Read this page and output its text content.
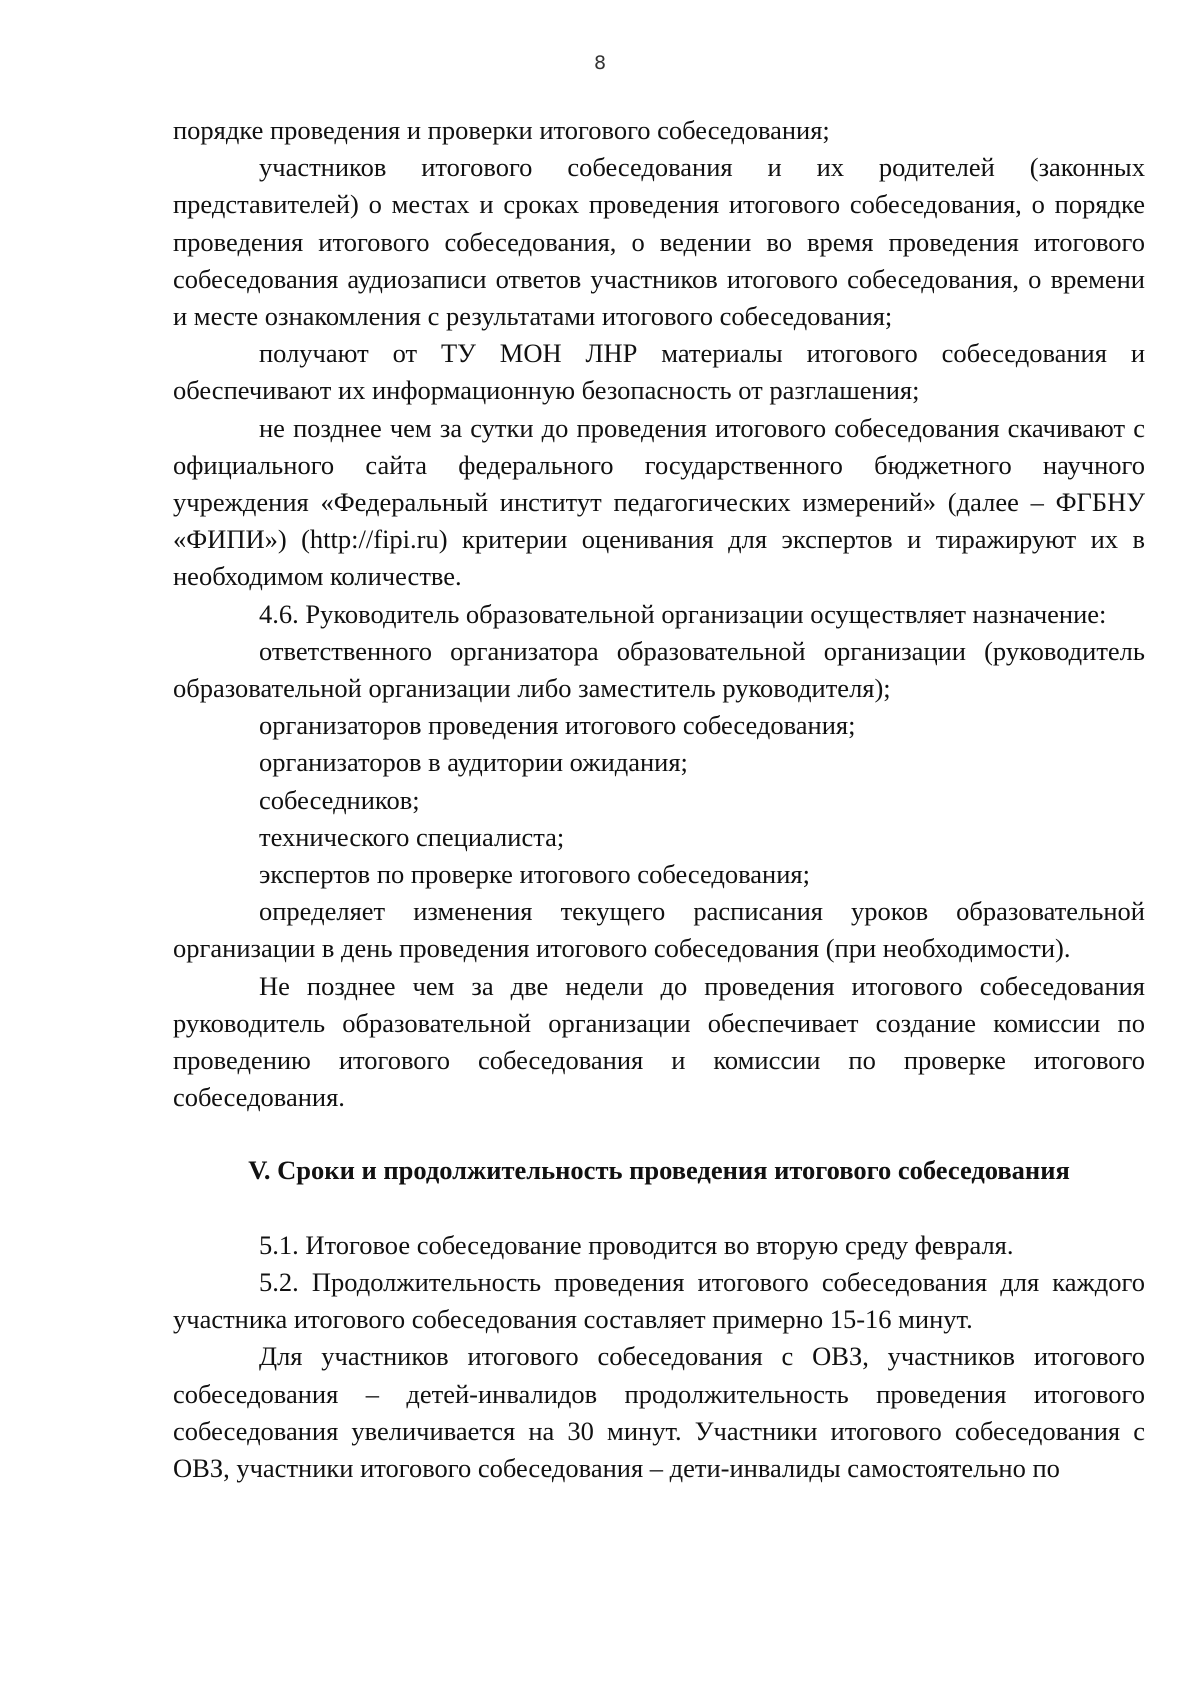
8

порядке проведения и проверки итогового собеседования;

участников итогового собеседования и их родителей (законных представителей) о местах и сроках проведения итогового собеседования, о порядке проведения итогового собеседования, о ведении во время проведения итогового собеседования аудиозаписи ответов участников итогового собеседования, о времени и месте ознакомления с результатами итогового собеседования;

получают от ТУ МОН ЛНР материалы итогового собеседования и обеспечивают их информационную безопасность от разглашения;

не позднее чем за сутки до проведения итогового собеседования скачивают с официального сайта федерального государственного бюджетного научного учреждения «Федеральный институт педагогических измерений» (далее – ФГБНУ «ФИПИ») (http://fipi.ru) критерии оценивания для экспертов и тиражируют их в необходимом количестве.

4.6. Руководитель образовательной организации осуществляет назначение:

ответственного организатора образовательной организации (руководитель образовательной организации либо заместитель руководителя);

организаторов проведения итогового собеседования;

организаторов в аудитории ожидания;

собеседников;

технического специалиста;

экспертов по проверке итогового собеседования;

определяет изменения текущего расписания уроков образовательной организации в день проведения итогового собеседования (при необходимости).

Не позднее чем за две недели до проведения итогового собеседования руководитель образовательной организации обеспечивает создание комиссии по проведению итогового собеседования и комиссии по проверке итогового собеседования.

V. Сроки и продолжительность проведения итогового собеседования

5.1. Итоговое собеседование проводится во вторую среду февраля.

5.2. Продолжительность проведения итогового собеседования для каждого участника итогового собеседования составляет примерно 15-16 минут.

Для участников итогового собеседования с ОВЗ, участников итогового собеседования – детей-инвалидов продолжительность проведения итогового собеседования увеличивается на 30 минут. Участники итогового собеседования с ОВЗ, участники итогового собеседования – дети-инвалиды самостоятельно по
